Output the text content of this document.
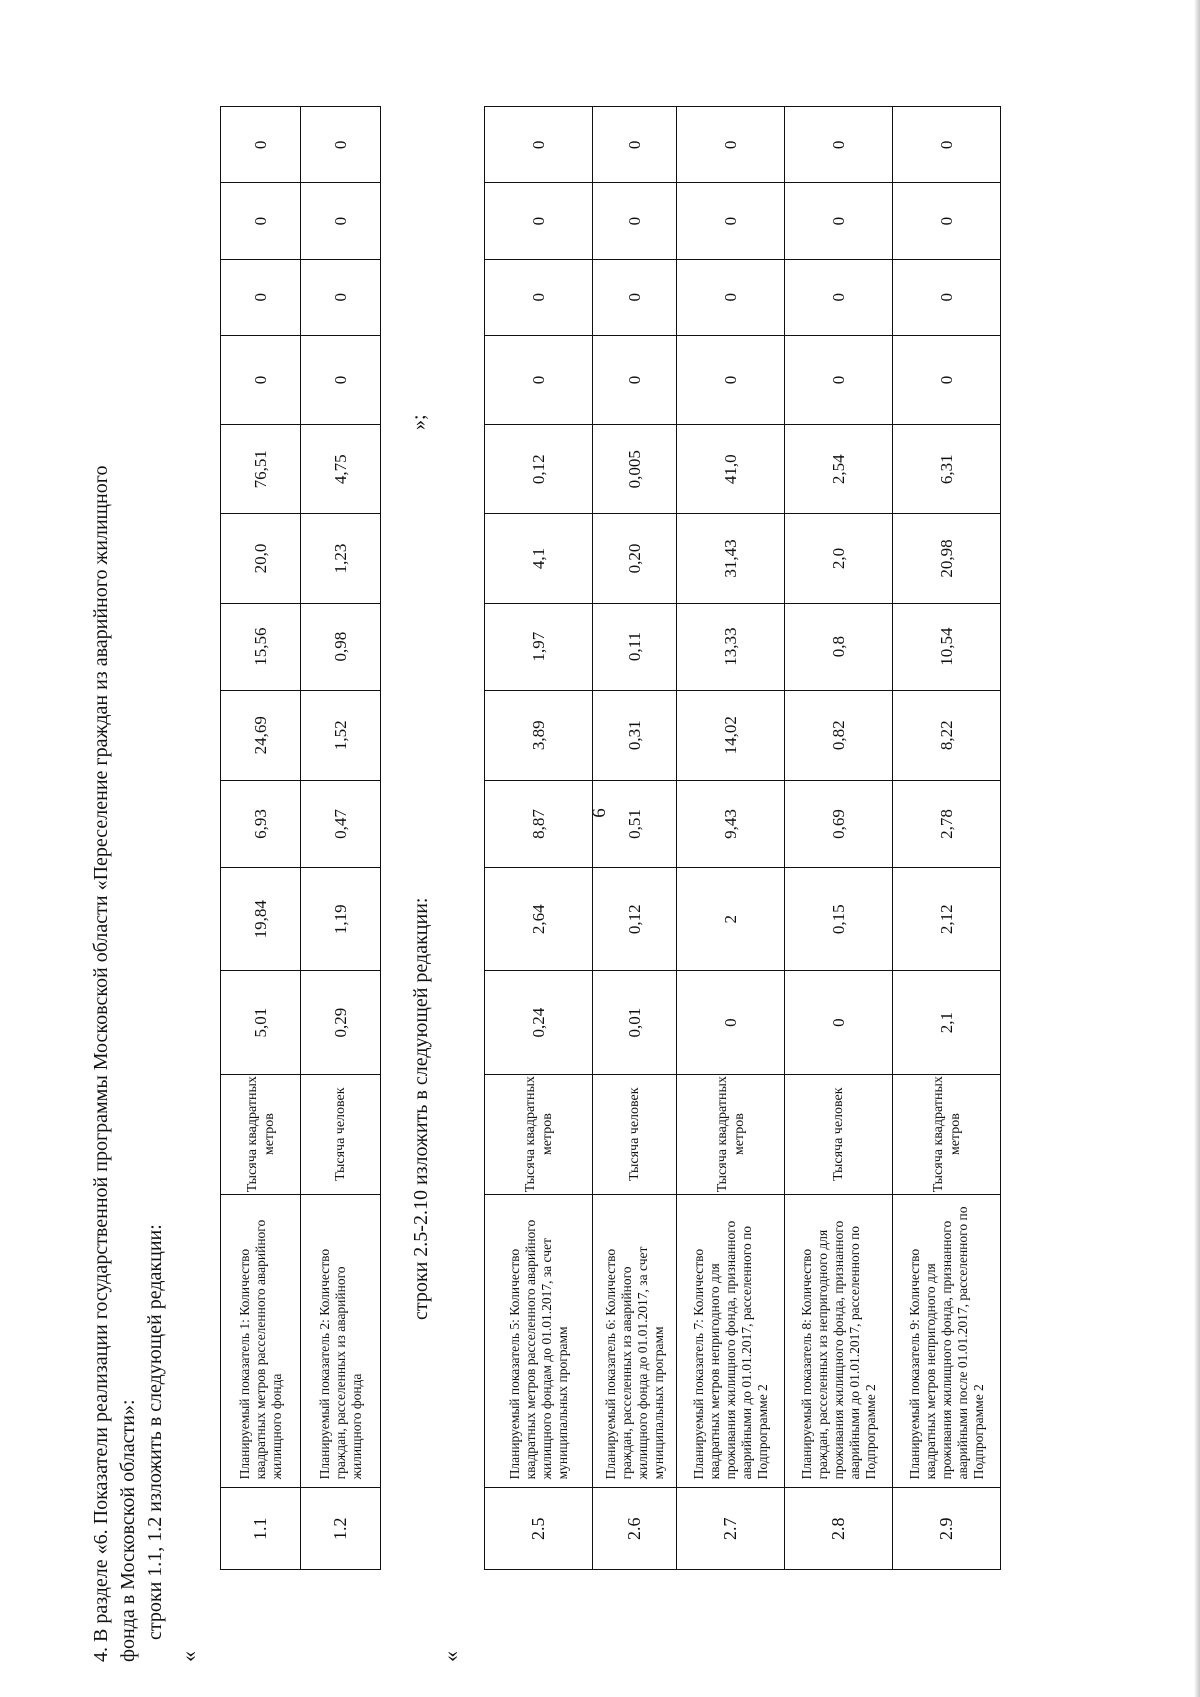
6
4. В разделе «6. Показатели реализации государственной программы Московской области «Переселение граждан из аварийного жилищного фонда в Московской области»: строки 1.1, 1.2 изложить в следующей редакции:
«
1.1	Планируемый показатель 1: Количество квадратных метров расселенного аварийного жилищного фонда	Тысяча квадратных метров	5,01	19,84	6,93	24,69	15,56	20,0	76,51	0	0	0	0
1.2	Планируемый показатель 2: Количество граждан, расселенных из аварийного жилищного фонда	Тысяча человек	0,29	1,19	0,47	1,52	0,98	1,23	4,75	0	0	0	0
»;
строки 2.5-2.10 изложить в следующей редакции:
«
2.5	Планируемый показатель 5: Количество квадратных метров расселенного аварийного жилищного фондам до 01.01.2017, за счет муниципальных программ	Тысяча квадратных метров	0,24	2,64	8,87	3,89	1,97	4,1	0,12	0	0	0	0
2.6	Планируемый показатель 6: Количество граждан, расселенных из аварийного жилищного фонда до 01.01.2017, за счет муниципальных программ	Тысяча человек	0,01	0,12	0,51	0,31	0,11	0,20	0,005	0	0	0	0
2.7	Планируемый показатель 7: Количество квадратных метров непригодного для проживания жилищного фонда, признанного аварийными до 01.01.2017, расселенного по Подпрограмме 2	Тысяча квадратных метров	0	2	9,43	14,02	13,33	31,43	41,0	0	0	0	0
2.8	Планируемый показатель 8: Количество граждан, расселенных из непригодного для проживания жилищного фонда, признанного аварийными до 01.01.2017, расселенного по Подпрограмме 2	Тысяча человек	0	0,15	0,69	0,82	0,8	2,0	2,54	0	0	0	0
2.9	Планируемый показатель 9: Количество квадратных метров непригодного для проживания жилищного фонда, признанного аварийными после 01.01.2017, расселенного по Подпрограмме 2	Тысяча квадратных метров	2,1	2,12	2,78	8,22	10,54	20,98	6,31	0	0	0	0
